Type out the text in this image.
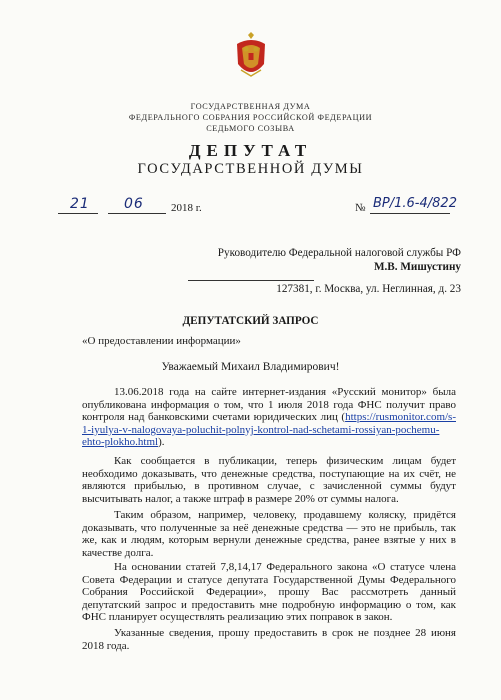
ГОСУДАРСТВЕННАЯ ДУМА
ФЕДЕРАЛЬНОГО СОБРАНИЯ РОССИЙСКОЙ ФЕДЕРАЦИИ
СЕДЬМОГО СОЗЫВА
ДЕПУТАТ
ГОСУДАРСТВЕННОЙ ДУМЫ
21 06 2018 г.	№ ВР/1.6-4/822
Руководителю Федеральной налоговой службы РФ
М.В. Мишустину
127381, г. Москва, ул. Неглинная, д. 23
ДЕПУТАТСКИЙ ЗАПРОС
«О предоставлении информации»
Уважаемый Михаил Владимирович!

13.06.2018 года на сайте интернет-издания «Русский монитор» была опубликована информация о том, что 1 июля 2018 года ФНС получит право контроля над банковскими счетами юридических лиц (https://rusmonitor.com/s-1-iyulya-v-nalogovaya-poluchit-polnyj-kontrol-nad-schetami-rossiyan-pochemu-ehto-plokho.html).

Как сообщается в публикации, теперь физическим лицам будет необходимо доказывать, что денежные средства, поступающие на их счёт, не являются прибылью, в противном случае, с зачисленной суммы будут высчитывать налог, а также штраф в размере 20% от суммы налога.

Таким образом, например, человеку, продавшему коляску, придётся доказывать, что полученные за неё денежные средства — это не прибыль, так же, как и людям, которым вернули денежные средства, ранее взятые у них в качестве долга.

На основании статей 7,8,14,17 Федерального закона «О статусе члена Совета Федерации и статусе депутата Государственной Думы Федерального Собрания Российской Федерации», прошу Вас рассмотреть данный депутатский запрос и предоставить мне подробную информацию о том, как ФНС планирует осуществлять реализацию этих поправок в закон.

Указанные сведения, прошу предоставить в срок не позднее 28 июня 2018 года.
